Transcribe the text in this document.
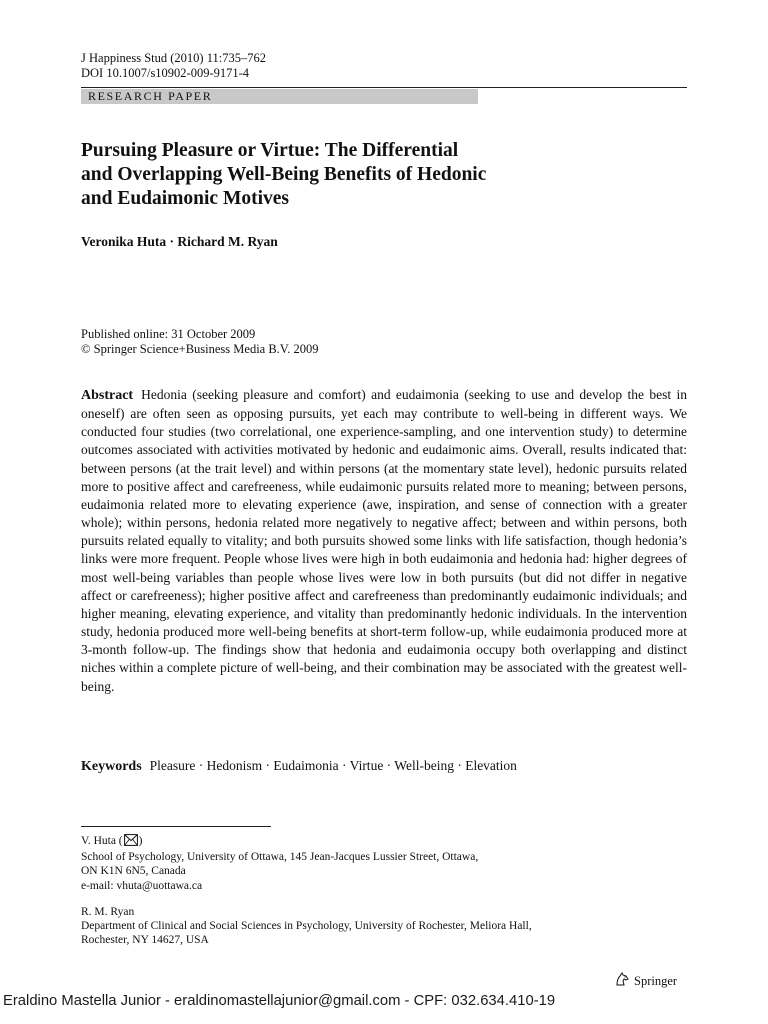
J Happiness Stud (2010) 11:735–762
DOI 10.1007/s10902-009-9171-4
RESEARCH PAPER
Pursuing Pleasure or Virtue: The Differential
and Overlapping Well-Being Benefits of Hedonic
and Eudaimonic Motives
Veronika Huta · Richard M. Ryan
Published online: 31 October 2009
© Springer Science+Business Media B.V. 2009

Abstract Hedonia (seeking pleasure and comfort) and eudaimonia (seeking to use and develop the best in oneself) are often seen as opposing pursuits, yet each may contribute to well-being in different ways. We conducted four studies (two correlational, one experience-sampling, and one intervention study) to determine outcomes associated with activities motivated by hedonic and eudaimonic aims. Overall, results indicated that: between persons (at the trait level) and within persons (at the momentary state level), hedonic pursuits related more to positive affect and carefreeness, while eudaimonic pursuits related more to meaning; between persons, eudaimonia related more to elevating experience (awe, inspiration, and sense of connection with a greater whole); within persons, hedonia related more negatively to negative affect; between and within persons, both pursuits related equally to vitality; and both pursuits showed some links with life satisfaction, though hedonia’s links were more frequent. People whose lives were high in both eudaimonia and hedonia had: higher degrees of most well-being variables than people whose lives were low in both pursuits (but did not differ in negative affect or carefreeness); higher positive affect and carefreeness than predominantly eudaimonic individuals; and higher meaning, elevating experience, and vitality than predominantly hedonic individuals. In the intervention study, hedonia produced more well-being benefits at short-term follow-up, while eudaimonia produced more at 3-month follow-up. The findings show that hedonia and eudaimonia occupy both overlapping and distinct niches within a complete picture of well-being, and their combination may be associated with the greatest well-being.

Keywords Pleasure · Hedonism · Eudaimonia · Virtue · Well-being · Elevation

V. Huta ( )
School of Psychology, University of Ottawa, 145 Jean-Jacques Lussier Street, Ottawa,
ON K1N 6N5, Canada
e-mail: vhuta@uottawa.ca
R. M. Ryan
Department of Clinical and Social Sciences in Psychology, University of Rochester, Meliora Hall,
Rochester, NY 14627, USA
Springer
Eraldino Mastella Junior - eraldinomastellajunior@gmail.com - CPF: 032.634.410-19
